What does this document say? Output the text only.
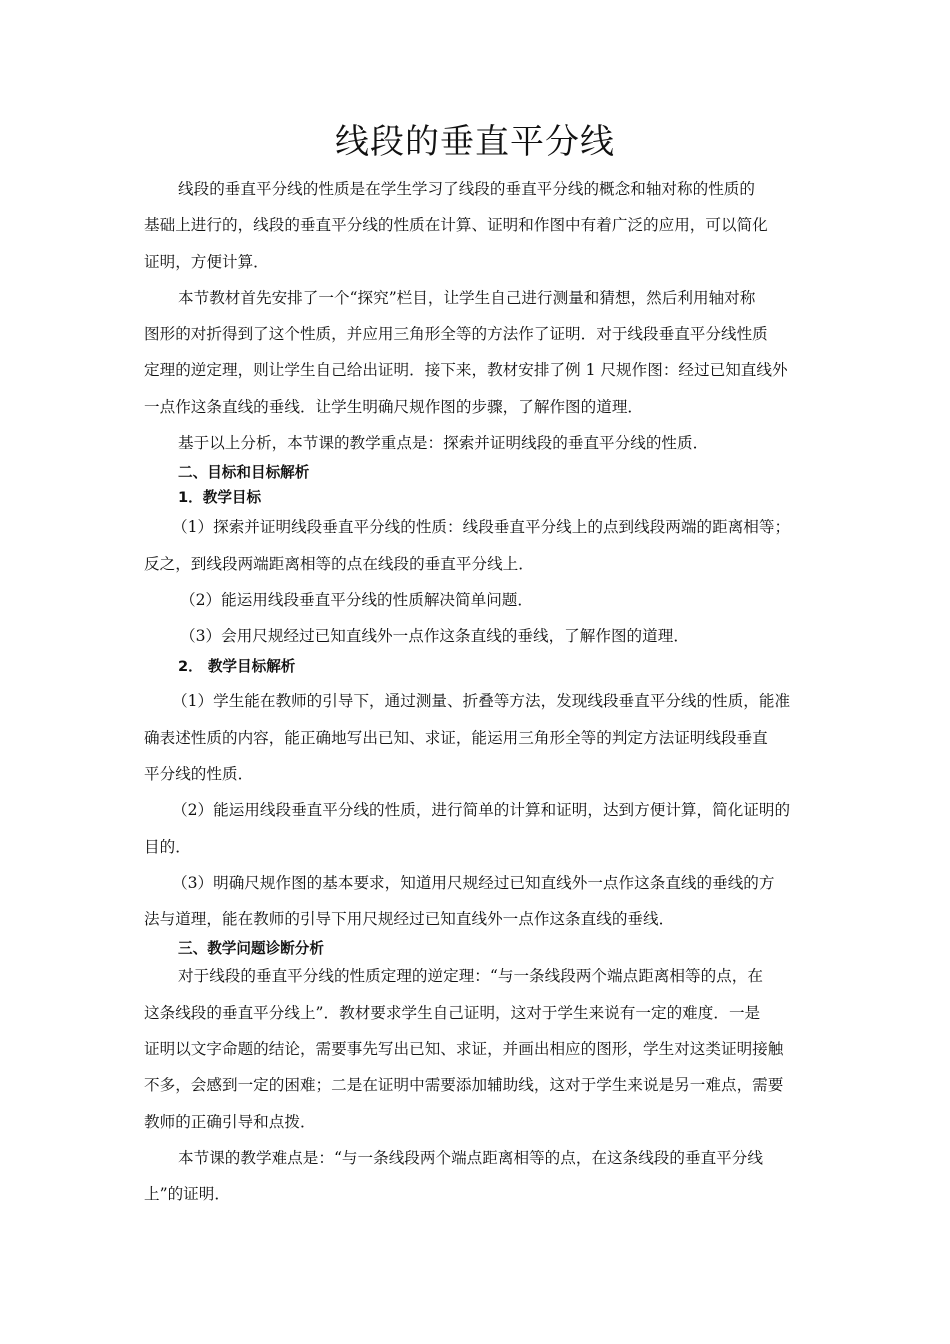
线段的垂直平分线
线段的垂直平分线的性质是在学生学习了线段的垂直平分线的概念和轴对称的性质的
基础上进行的，线段的垂直平分线的性质在计算、证明和作图中有着广泛的应用，可以简化
证明，方便计算．
本节教材首先安排了一个“探究”栏目，让学生自己进行测量和猜想，然后利用轴对称
图形的对折得到了这个性质，并应用三角形全等的方法作了证明．对于线段垂直平分线性质
定理的逆定理，则让学生自己给出证明．接下来，教材安排了例 1 尺规作图：经过已知直线外
一点作这条直线的垂线．让学生明确尺规作图的步骤，了解作图的道理．
基于以上分析，本节课的教学重点是：探索并证明线段的垂直平分线的性质．
二、目标和目标解析
1．教学目标
（1）探索并证明线段垂直平分线的性质：线段垂直平分线上的点到线段两端的距离相等；
反之，到线段两端距离相等的点在线段的垂直平分线上．
（2）能运用线段垂直平分线的性质解决简单问题．
（3）会用尺规经过已知直线外一点作这条直线的垂线，了解作图的道理．
2． 教学目标解析
（1）学生能在教师的引导下，通过测量、折叠等方法，发现线段垂直平分线的性质，能准
确表述性质的内容，能正确地写出已知、求证，能运用三角形全等的判定方法证明线段垂直
平分线的性质．
（2）能运用线段垂直平分线的性质，进行简单的计算和证明，达到方便计算，简化证明的
目的．
（3）明确尺规作图的基本要求，知道用尺规经过已知直线外一点作这条直线的垂线的方
法与道理，能在教师的引导下用尺规经过已知直线外一点作这条直线的垂线．
三、教学问题诊断分析
对于线段的垂直平分线的性质定理的逆定理：“与一条线段两个端点距离相等的点，在
这条线段的垂直平分线上”．教材要求学生自己证明，这对于学生来说有一定的难度．一是
证明以文字命题的结论，需要事先写出已知、求证，并画出相应的图形，学生对这类证明接触
不多，会感到一定的困难；二是在证明中需要添加辅助线，这对于学生来说是另一难点，需要
教师的正确引导和点拨．
本节课的教学难点是：“与一条线段两个端点距离相等的点，在这条线段的垂直平分线
上”的证明．
